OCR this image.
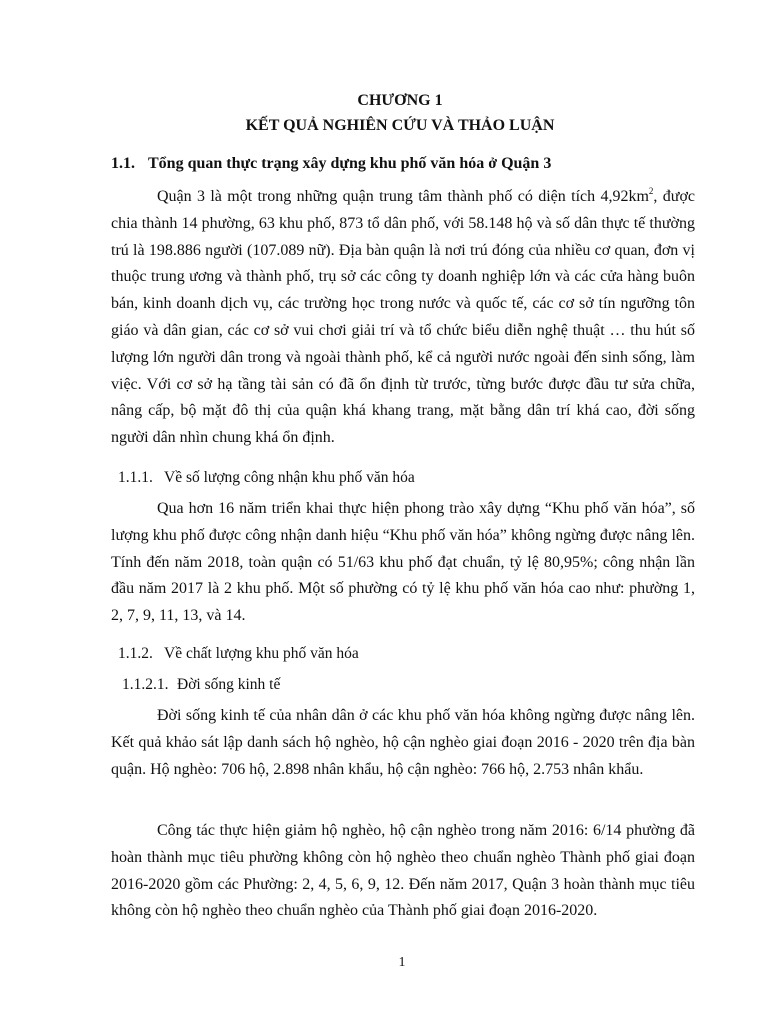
CHƯƠNG 1
KẾT QUẢ NGHIÊN CỨU VÀ THẢO LUẬN
1.1. Tổng quan thực trạng xây dựng khu phố văn hóa ở Quận 3

Quận 3 là một trong những quận trung tâm thành phố có diện tích $4,92km^2$, được chia thành 14 phường, 63 khu phố, 873 tổ dân phố, với 58.148 hộ và số dân thực tế thường trú là 198.886 người (107.089 nữ). Địa bàn quận là nơi trú đóng của nhiều cơ quan, đơn vị thuộc trung ương và thành phố, trụ sở các công ty doanh nghiệp lớn và các cửa hàng buôn bán, kinh doanh dịch vụ, các trường học trong nước và quốc tế, các cơ sở tín ngưỡng tôn giáo và dân gian, các cơ sở vui chơi giải trí và tổ chức biểu diễn nghệ thuật … thu hút số lượng lớn người dân trong và ngoài thành phố, kể cả người nước ngoài đến sinh sống, làm việc. Với cơ sở hạ tầng tài sản có đã ổn định từ trước, từng bước được đầu tư sửa chữa, nâng cấp, bộ mặt đô thị của quận khá khang trang, mặt bằng dân trí khá cao, đời sống người dân nhìn chung khá ổn định.

1.1.1. Về số lượng công nhận khu phố văn hóa

Qua hơn 16 năm triển khai thực hiện phong trào xây dựng “Khu phố văn hóa”, số lượng khu phố được công nhận danh hiệu “Khu phố văn hóa” không ngừng được nâng lên. Tính đến năm 2018, toàn quận có 51/63 khu phố đạt chuẩn, tỷ lệ 80,95%; công nhận lần đầu năm 2017 là 2 khu phố. Một số phường có tỷ lệ khu phố văn hóa cao như: phường 1, 2, 7, 9, 11, 13, và 14.

1.1.2. Về chất lượng khu phố văn hóa
1.1.2.1. Đời sống kinh tế

Đời sống kinh tế của nhân dân ở các khu phố văn hóa không ngừng được nâng lên. Kết quả khảo sát lập danh sách hộ nghèo, hộ cận nghèo giai đoạn 2016 - 2020 trên địa bàn quận. Hộ nghèo: 706 hộ, 2.898 nhân khẩu, hộ cận nghèo: 766 hộ, 2.753 nhân khẩu.

Công tác thực hiện giảm hộ nghèo, hộ cận nghèo trong năm 2016: 6/14 phường đã hoàn thành mục tiêu phường không còn hộ nghèo theo chuẩn nghèo Thành phố giai đoạn 2016-2020 gồm các Phường: 2, 4, 5, 6, 9, 12. Đến năm 2017, Quận 3 hoàn thành mục tiêu không còn hộ nghèo theo chuẩn nghèo của Thành phố giai đoạn 2016-2020.

1
